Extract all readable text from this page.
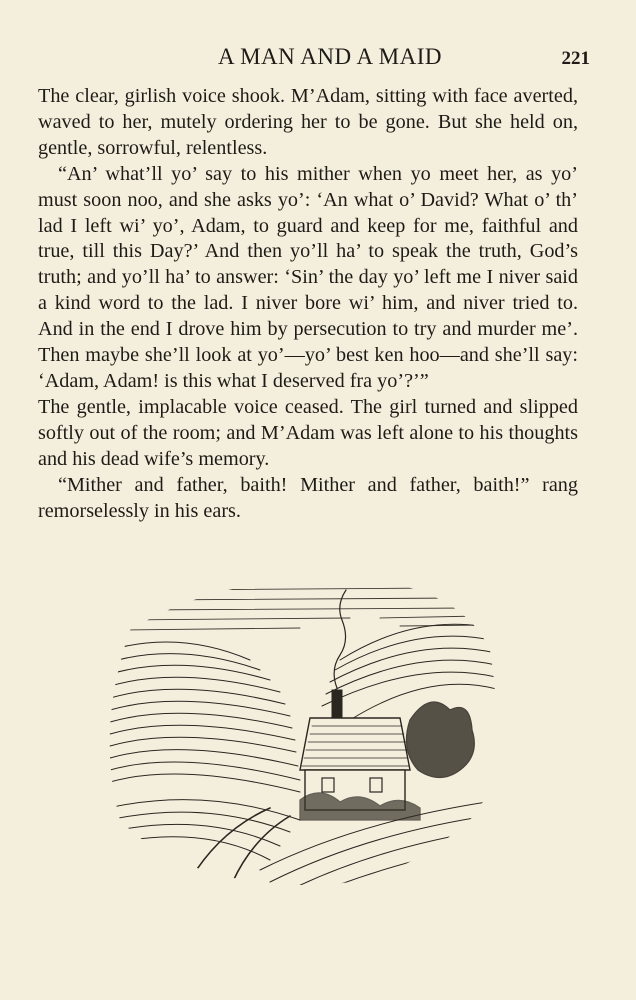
A MAN AND A MAID	221

The clear, girlish voice shook. M’Adam, sitting with face averted, waved to her, mutely ordering her to be gone. But she held on, gentle, sorrowful, relentless.

“An’ what’ll yo’ say to his mither when yo meet her, as yo’ must soon noo, and she asks yo’: ‘An what o’ David? What o’ th’ lad I left wi’ yo’, Adam, to guard and keep for me, faithful and true, till this Day?’ And then yo’ll ha’ to speak the truth, God’s truth; and yo’ll ha’ to answer: ‘Sin’ the day yo’ left me I niver said a kind word to the lad. I niver bore wi’ him, and niver tried to. And in the end I drove him by persecution to try and murder me’. Then maybe she’ll look at yo’—yo’ best ken hoo—and she’ll say: ‘Adam, Adam! is this what I deserved fra yo’?’”

The gentle, implacable voice ceased. The girl turned and slipped softly out of the room; and M’Adam was left alone to his thoughts and his dead wife’s memory.

“Mither and father, baith! Mither and father, baith!” rang remorselessly in his ears.
